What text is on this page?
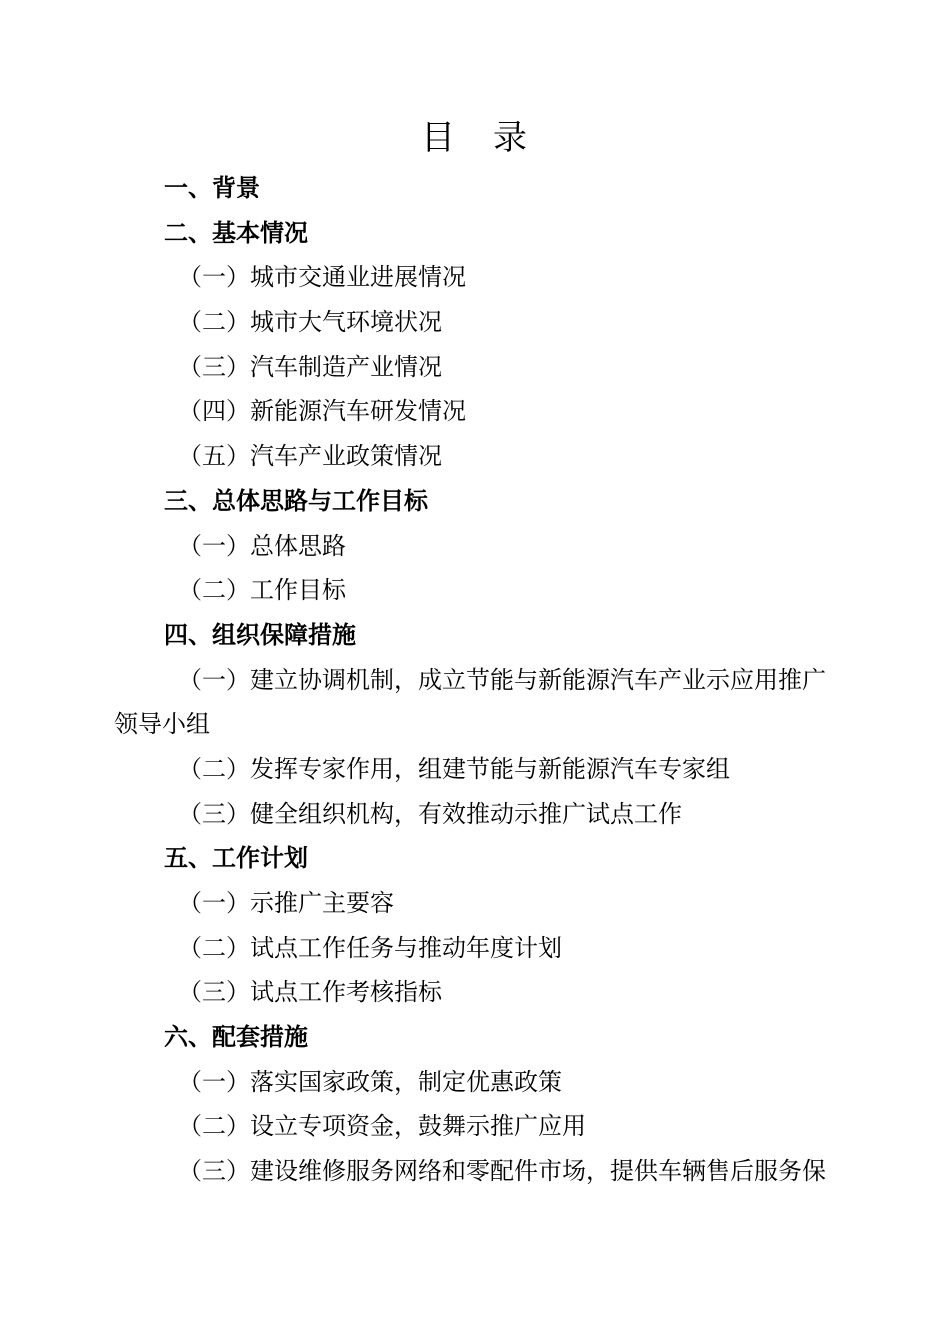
目　录
一、背景
二、基本情况
（一）城市交通业进展情况
（二）城市大气环境状况
（三）汽车制造产业情况
（四）新能源汽车研发情况
（五）汽车产业政策情况
三、总体思路与工作目标
（一）总体思路
（二）工作目标
四、组织保障措施
（一）建立协调机制，成立节能与新能源汽车产业示应用推广
领导小组
（二）发挥专家作用，组建节能与新能源汽车专家组
（三）健全组织机构，有效推动示推广试点工作
五、工作计划
（一）示推广主要容
（二）试点工作任务与推动年度计划
（三）试点工作考核指标
六、配套措施
（一）落实国家政策，制定优惠政策
（二）设立专项资金，鼓舞示推广应用
（三）建设维修服务网络和零配件市场，提供车辆售后服务保
